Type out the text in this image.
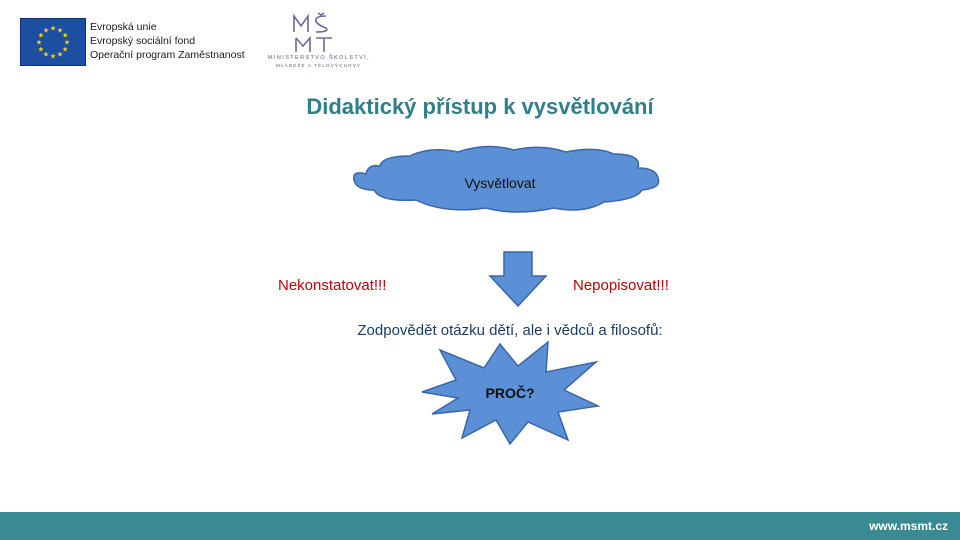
★ ★
★
★
★
★
★
★
★
★
★
★	Evropská unie
Evropský sociální fond
Operační program Zaměstnanost	MINISTERSTVO ŠKOLSTVÍ,
MLÁDEŽE A TĚLOVÝCHOVY
Didaktický přístup k vysvětlování
Vysvětlovat
Nekonstatovat!!!	Nepopisovat!!!
Zodpovědět otázku dětí, ale i vědců a filosofů:
PROČ?
www.msmt.cz
